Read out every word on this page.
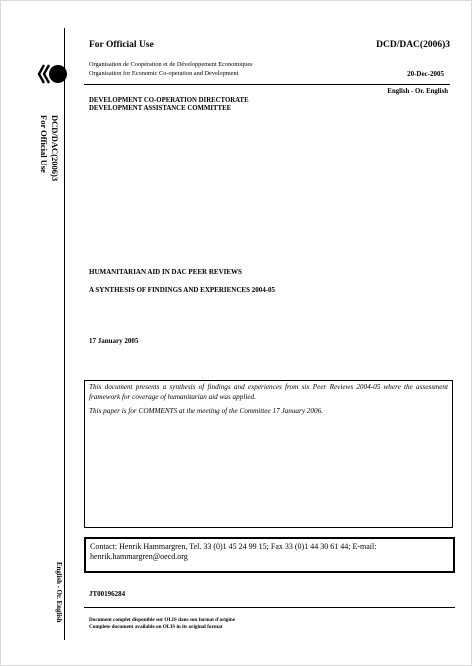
For Official Use	DCD/DAC(2006)3
Organisation de Coopération et de Développement Economiques
Organisation for Economic Co-operation and Development	20-Dec-2005
English - Or. English
DEVELOPMENT CO-OPERATION DIRECTORATE
DEVELOPMENT ASSISTANCE COMMITTEE
DCD/DAC(2006)3
For Official Use
English - Or. English
HUMANITARIAN AID IN DAC PEER REVIEWS
A SYNTHESIS OF FINDINGS AND EXPERIENCES 2004-05
17 January 2005

This document presents a synthesis of findings and experiences from six Peer Reviews 2004-05 where the assessment framework for coverage of humanitarian aid was applied.

This paper is for COMMENTS at the meeting of the Committee 17 January 2006.

Contact: Henrik Hammargren, Tel. 33 (0)1 45 24 99 15; Fax 33 (0)1 44 30 61 44; E-mail: henrik.hammargren@oecd.org
JT00196284
Document complet disponible sur OLIS dans son format d'origine
Complete document available on OLIS in its original format
